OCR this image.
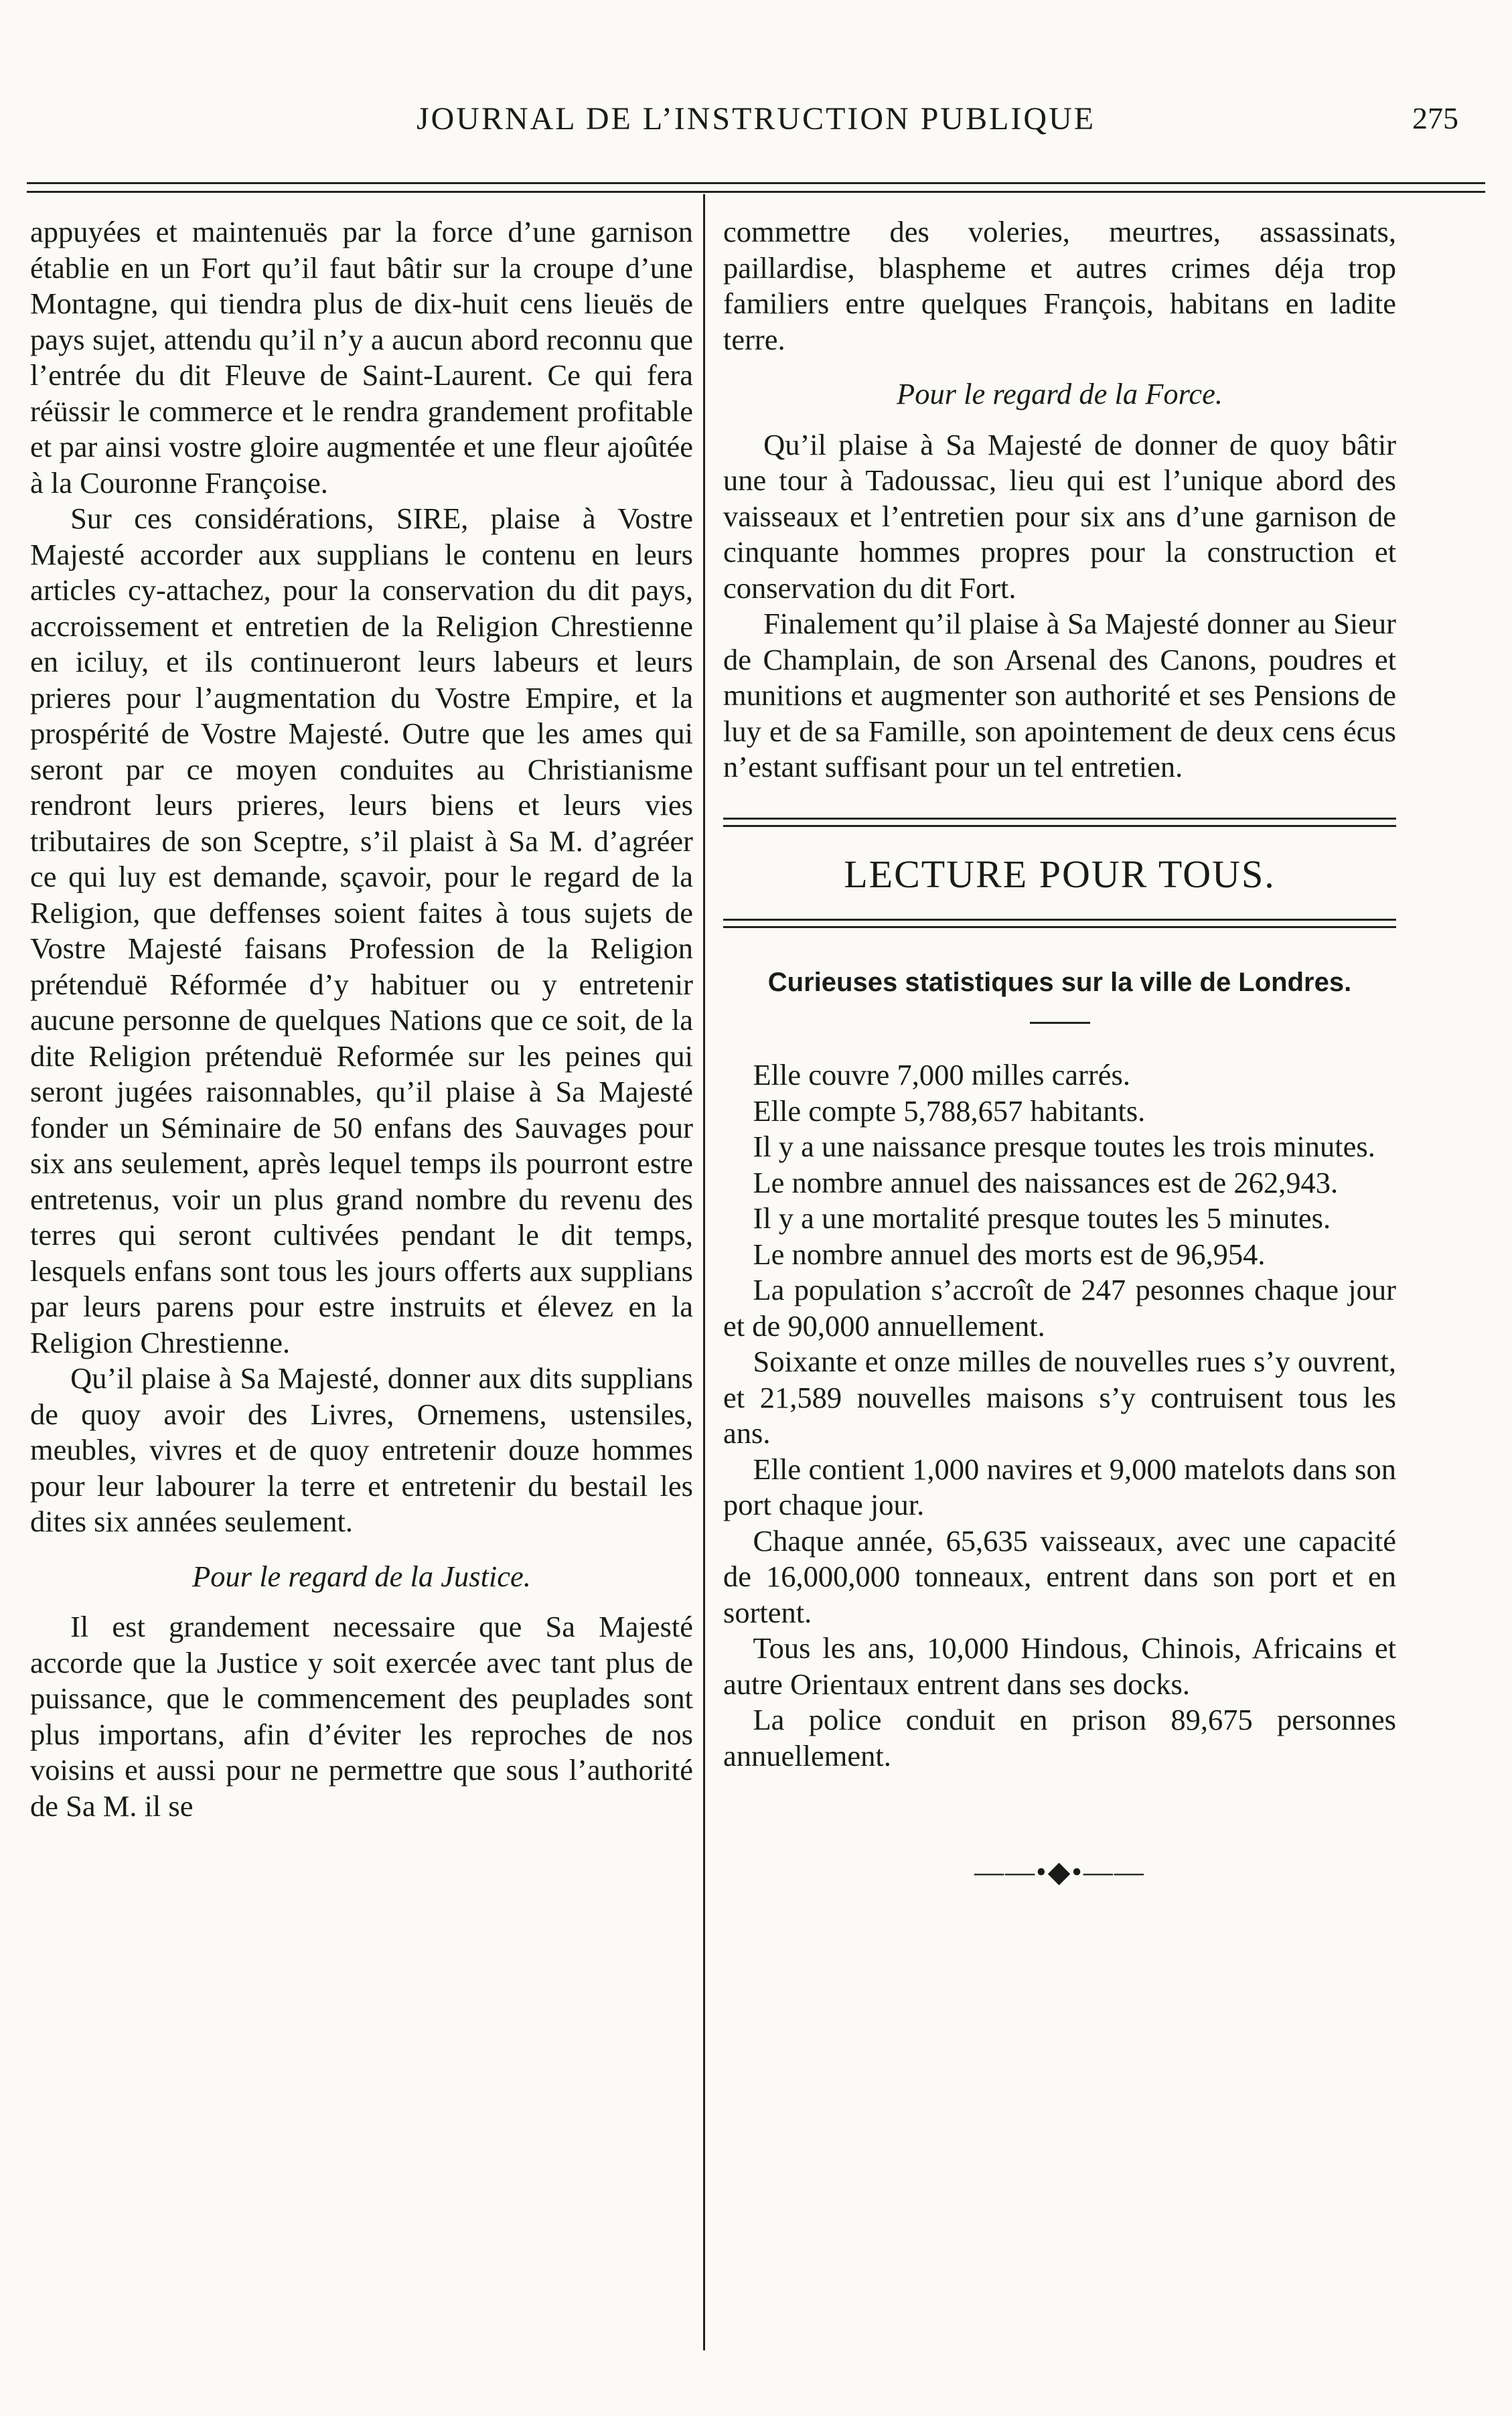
JOURNAL DE L’INSTRUCTION PUBLIQUE	275

appuyées et maintenuës par la force d’une garnison établie en un Fort qu’il faut bâtir sur la croupe d’une Montagne, qui tiendra plus de dix-huit cens lieuës de pays sujet, attendu qu’il n’y a aucun abord reconnu que l’entrée du dit Fleuve de Saint-Laurent. Ce qui fera réüssir le commerce et le rendra grandement profitable et par ainsi vostre gloire augmentée et une fleur ajoûtée à la Couronne Françoise.

Sur ces considérations, SIRE, plaise à Vostre Majesté accorder aux supplians le contenu en leurs articles cy-attachez, pour la conservation du dit pays, accroissement et entretien de la Religion Chrestienne en iciluy, et ils continueront leurs labeurs et leurs prieres pour l’augmentation du Vostre Empire, et la prospérité de Vostre Majesté. Outre que les ames qui seront par ce moyen conduites au Christianisme rendront leurs prieres, leurs biens et leurs vies tributaires de son Sceptre, s’il plaist à Sa M. d’agréer ce qui luy est demande, sçavoir, pour le regard de la Religion, que deffenses soient faites à tous sujets de Vostre Majesté faisans Profession de la Religion prétenduë Réformée d’y habituer ou y entretenir aucune personne de quelques Nations que ce soit, de la dite Religion prétenduë Reformée sur les peines qui seront jugées raisonnables, qu’il plaise à Sa Majesté fonder un Séminaire de 50 enfans des Sauvages pour six ans seulement, après lequel temps ils pourront estre entretenus, voir un plus grand nombre du revenu des terres qui seront cultivées pendant le dit temps, lesquels enfans sont tous les jours offerts aux supplians par leurs parens pour estre instruits et élevez en la Religion Chrestienne.

Qu’il plaise à Sa Majesté, donner aux dits supplians de quoy avoir des Livres, Ornemens, ustensiles, meubles, vivres et de quoy entretenir douze hommes pour leur labourer la terre et entretenir du bestail les dites six années seulement.

Pour le regard de la Justice.

Il est grandement necessaire que Sa Majesté accorde que la Justice y soit exercée avec tant plus de puissance, que le commencement des peuplades sont plus importans, afin d’éviter les reproches de nos voisins et aussi pour ne permettre que sous l’authorité de Sa M. il se

commettre des voleries, meurtres, assassinats, paillardise, blaspheme et autres crimes déja trop familiers entre quelques François, habitans en ladite terre.

Pour le regard de la Force.

Qu’il plaise à Sa Majesté de donner de quoy bâtir une tour à Tadoussac, lieu qui est l’unique abord des vaisseaux et l’entretien pour six ans d’une garnison de cinquante hommes propres pour la construction et conservation du dit Fort.

Finalement qu’il plaise à Sa Majesté donner au Sieur de Champlain, de son Arsenal des Canons, poudres et munitions et augmenter son authorité et ses Pensions de luy et de sa Famille, son apointement de deux cens écus n’estant suffisant pour un tel entretien.

LECTURE POUR TOUS.
Curieuses statistiques sur la ville de Londres.

Elle couvre 7,000 milles carrés.

Elle compte 5,788,657 habitants.

Il y a une naissance presque toutes les trois minutes.

Le nombre annuel des naissances est de 262,943.

Il y a une mortalité presque toutes les 5 minutes.

Le nombre annuel des morts est de 96,954.

La population s’accroît de 247 pesonnes chaque jour et de 90,000 annuellement.

Soixante et onze milles de nouvelles rues s’y ouvrent, et 21,589 nouvelles maisons s’y contruisent tous les ans.

Elle contient 1,000 navires et 9,000 matelots dans son port chaque jour.

Chaque année, 65,635 vaisseaux, avec une capacité de 16,000,000 tonneaux, entrent dans son port et en sortent.

Tous les ans, 10,000 Hindous, Chinois, Africains et autre Orientaux entrent dans ses docks.

La police conduit en prison 89,675 personnes annuellement.

——•◆•——
